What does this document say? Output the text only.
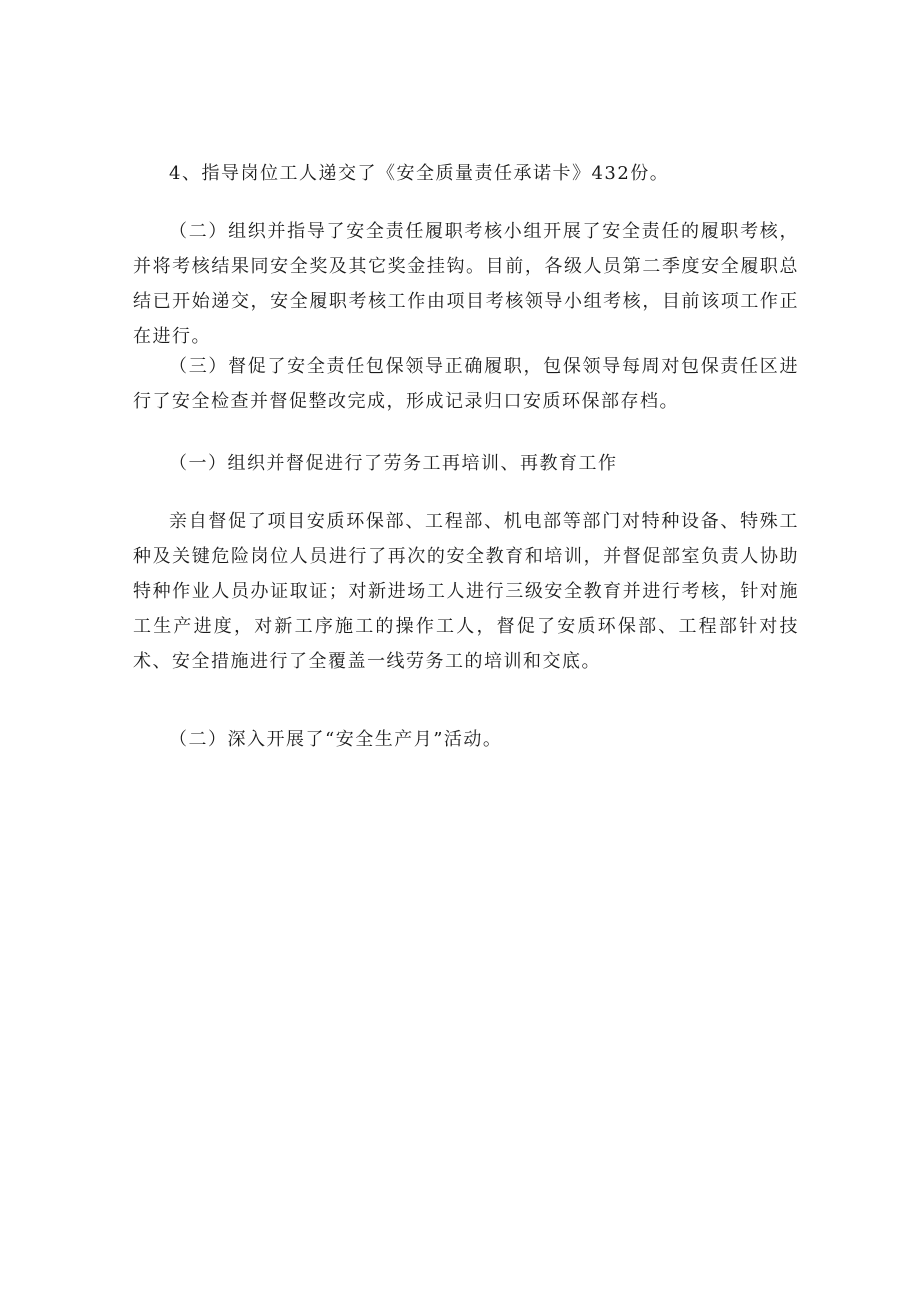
4、指导岗位工人递交了《安全质量责任承诺卡》432份。

（二）组织并指导了安全责任履职考核小组开展了安全责任的履职考核，并将考核结果同安全奖及其它奖金挂钩。目前，各级人员第二季度安全履职总结已开始递交，安全履职考核工作由项目考核领导小组考核，目前该项工作正在进行。

（三）督促了安全责任包保领导正确履职，包保领导每周对包保责任区进行了安全检查并督促整改完成，形成记录归口安质环保部存档。

（一）组织并督促进行了劳务工再培训、再教育工作

亲自督促了项目安质环保部、工程部、机电部等部门对特种设备、特殊工种及关键危险岗位人员进行了再次的安全教育和培训，并督促部室负责人协助特种作业人员办证取证；对新进场工人进行三级安全教育并进行考核，针对施工生产进度，对新工序施工的操作工人，督促了安质环保部、工程部针对技术、安全措施进行了全覆盖一线劳务工的培训和交底。

（二）深入开展了“安全生产月”活动。
